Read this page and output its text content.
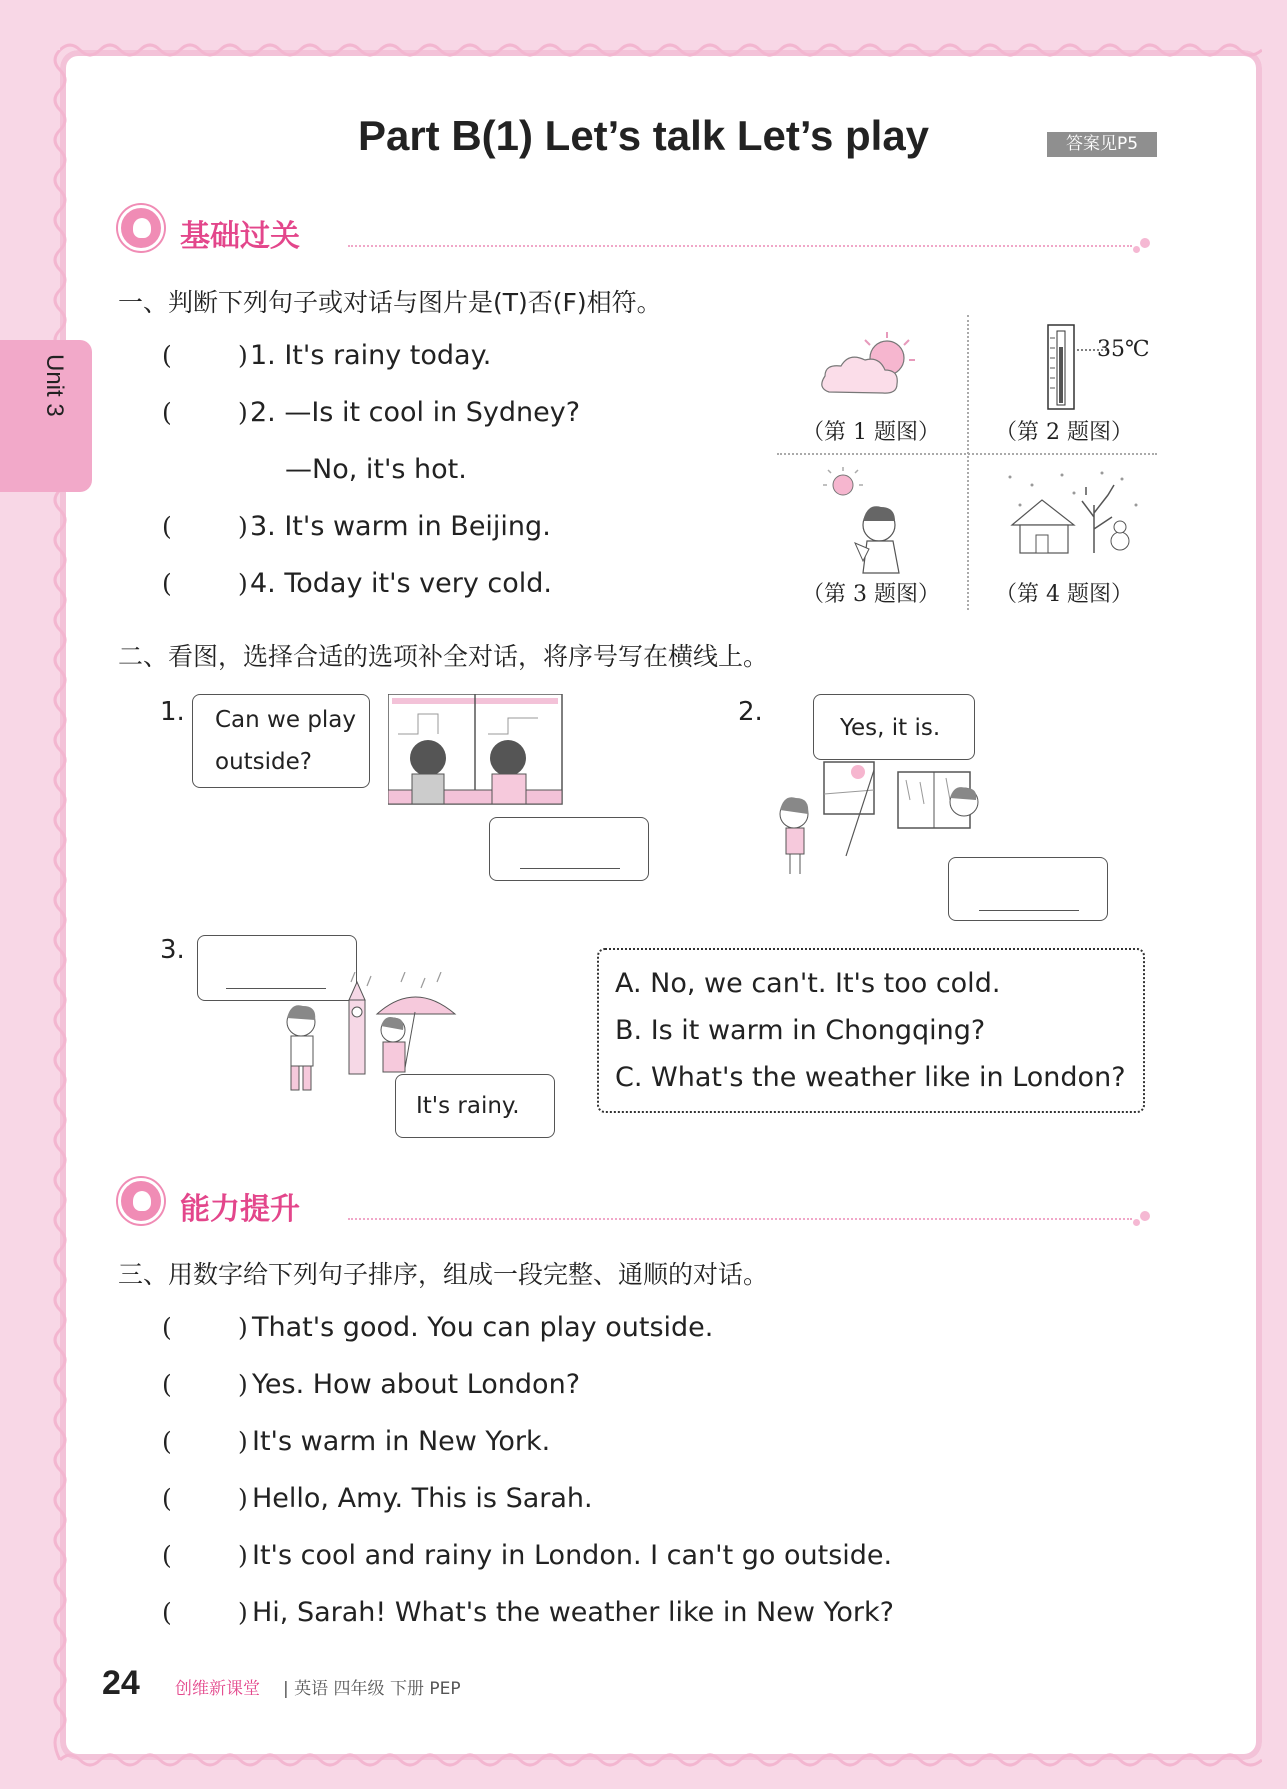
Unit 3
Part B(1) Let’s talk Let’s play	答案见P5
基础过关
一、判断下列句子或对话与图片是(T)否(F)相符。
(	) 1. It's rainy today.
(	) 2. —Is it cool in Sydney?
—No, it's hot.
(	) 3. It's warm in Beijing.
(	) 4. Today it's very cold.
（第 1 题图）
35℃
（第 2 题图）
（第 3 题图）	（第 4 题图）
二、看图，选择合适的选项补全对话，将序号写在横线上。
1. Can we play
outside?
2.
Yes, it is.
3.
It's rainy.
A. No, we can't. It's too cold.
B. Is it warm in Chongqing?
C. What's the weather like in London?
能力提升
三、用数字给下列句子排序，组成一段完整、通顺的对话。
(	) That's good. You can play outside.
(	) Yes. How about London?
(	) It's warm in New York.
(	) Hello, Amy. This is Sarah.
(	) It's cool and rainy in London. I can't go outside.
(	) Hi, Sarah! What's the weather like in New York?
24 创维新课堂 | 英语 四年级 下册 PEP
